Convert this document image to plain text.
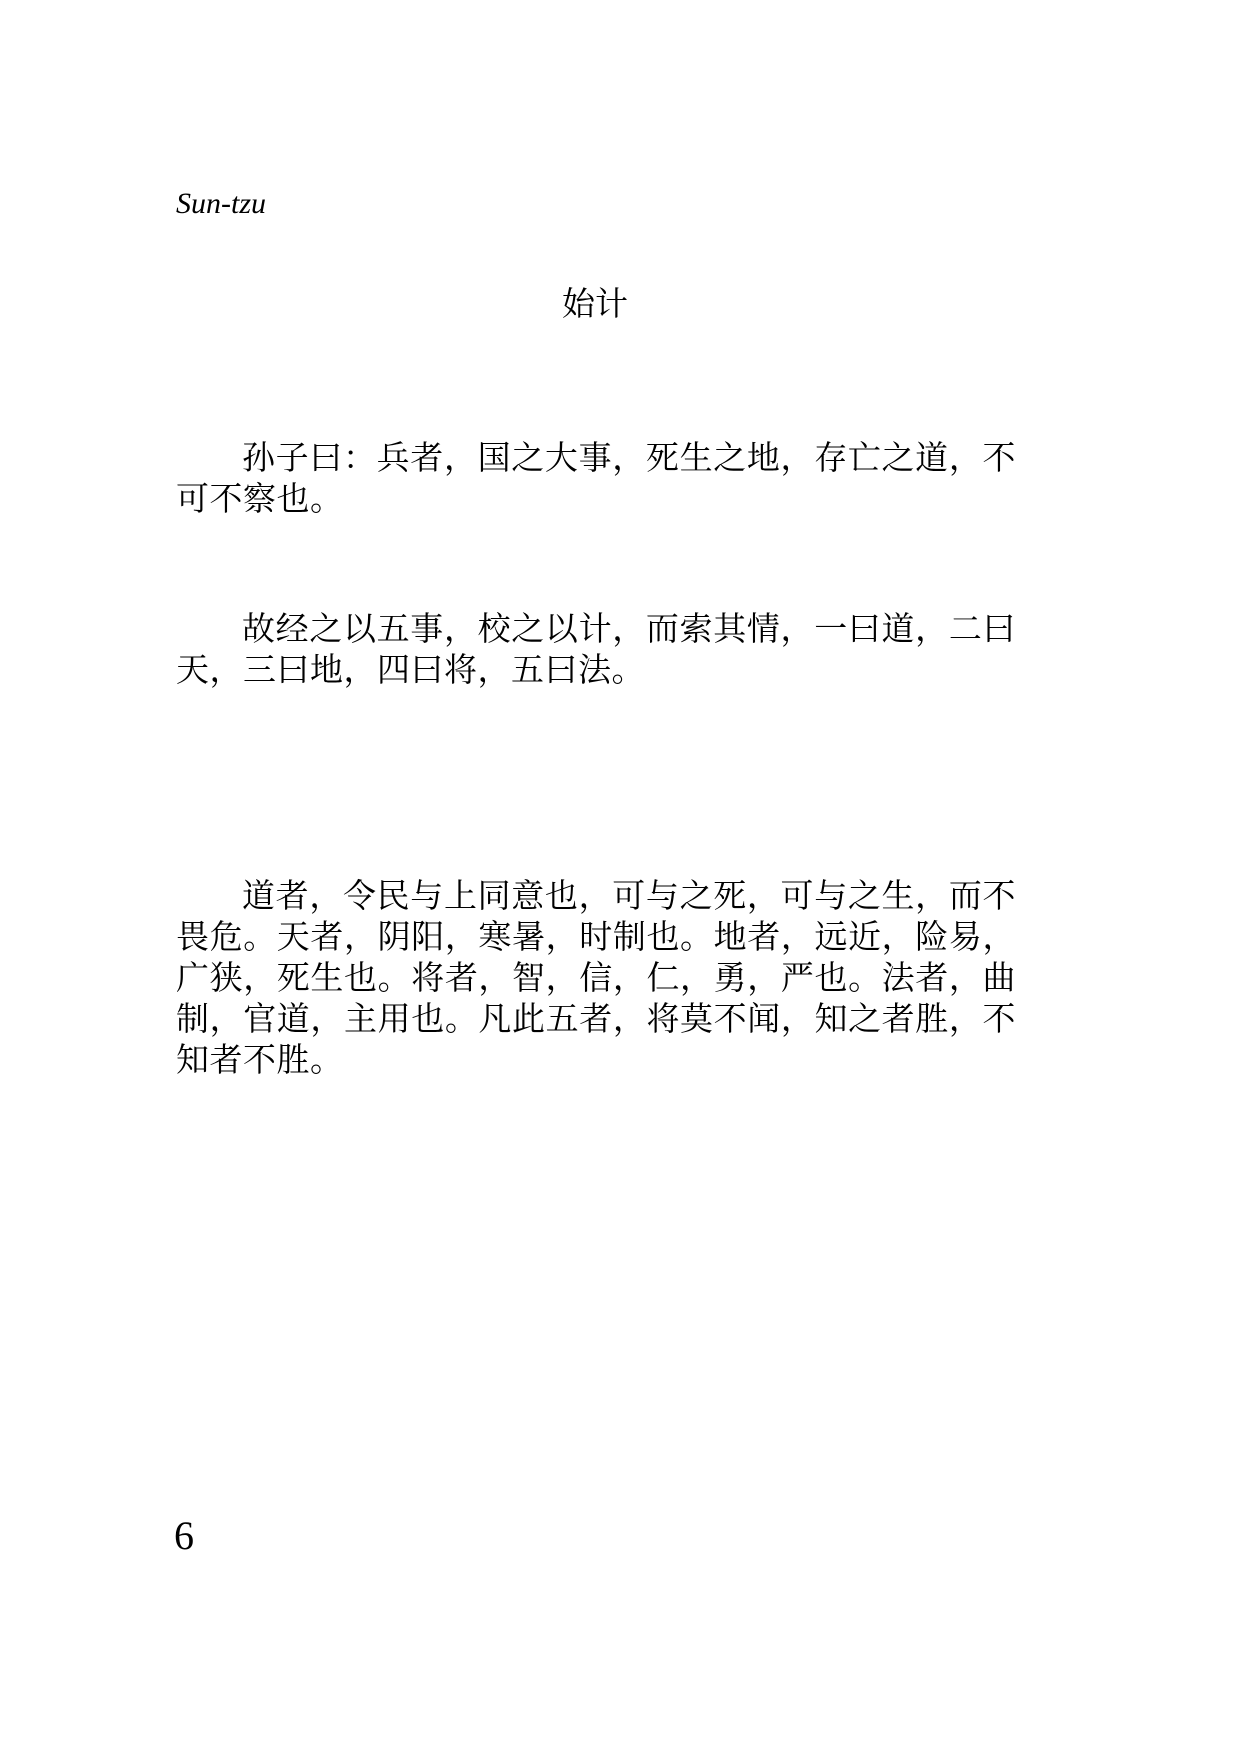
Sun-tzu
始计

孙子曰：兵者，国之大事，死生之地，存亡之道，不可不察也。

故经之以五事，校之以计，而索其情，一曰道，二曰天，三曰地，四曰将，五曰法。

道者，令民与上同意也，可与之死，可与之生，而不畏危。天者，阴阳，寒暑，时制也。地者，远近，险易，广狭，死生也。将者，智，信，仁，勇，严也。法者，曲制，官道，主用也。凡此五者，将莫不闻，知之者胜，不知者不胜。

6
